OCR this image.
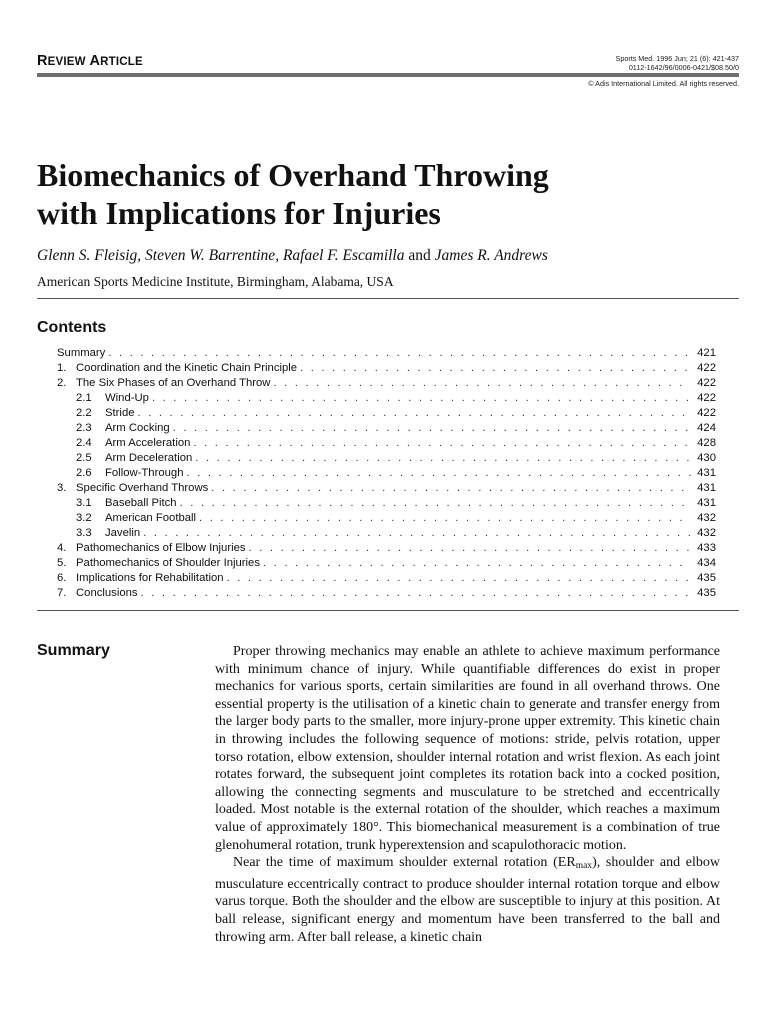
REVIEW ARTICLE	Sports Med. 1996 Jun; 21 (6): 421-437
0112-1642/96/0006-0421/$08.50/0
© Adis International Limited. All rights reserved.
Biomechanics of Overhand Throwing
with Implications for Injuries
Glenn S. Fleisig, Steven W. Barrentine, Rafael F. Escamilla and James R. Andrews
American Sports Medicine Institute, Birmingham, Alabama, USA
Contents
Summary . . .	421
1. Coordination and the Kinetic Chain Principle . . .	422
2. The Six Phases of an Overhand Throw . . .	422
2.1	Wind-Up . . .	422
2.2	Stride . . .	422
2.3	Arm Cocking . . .	424
2.4	Arm Acceleration . . .	428
2.5	Arm Deceleration . . .	430
2.6	Follow-Through . . .	431
3. Specific Overhand Throws . . .	431
3.1	Baseball Pitch . . .	431
3.2	American Football . . .	432
3.3	Javelin . . .	432
4. Pathomechanics of Elbow Injuries . . .	433
5. Pathomechanics of Shoulder Injuries . . .	434
6. Implications for Rehabilitation . . .	435
7. Conclusions . . .	435
Summary	Proper throwing mechanics may enable an athlete to achieve maximum performance with minimum chance of injury. While quantifiable differences do exist in proper mechanics for various sports, certain similarities are found in all overhand throws. One essential property is the utilisation of a kinetic chain to generate and transfer energy from the larger body parts to the smaller, more injury-prone upper extremity. This kinetic chain in throwing includes the following sequence of motions: stride, pelvis rotation, upper torso rotation, elbow extension, shoulder internal rotation and wrist flexion. As each joint rotates forward, the subsequent joint completes its rotation back into a cocked position, allowing the connecting segments and musculature to be stretched and eccentrically loaded. Most notable is the external rotation of the shoulder, which reaches a maximum value of approximately 180°. This biomechanical measurement is a combination of true glenohumeral rotation, trunk hyperextension and scapulothoracic motion.

Near the time of maximum shoulder external rotation $(ER_{max})$, shoulder and elbow musculature eccentrically contract to produce shoulder internal rotation torque and elbow varus torque. Both the shoulder and the elbow are susceptible to injury at this position. At ball release, significant energy and momentum have been transferred to the ball and throwing arm. After ball release, a kinetic chain
